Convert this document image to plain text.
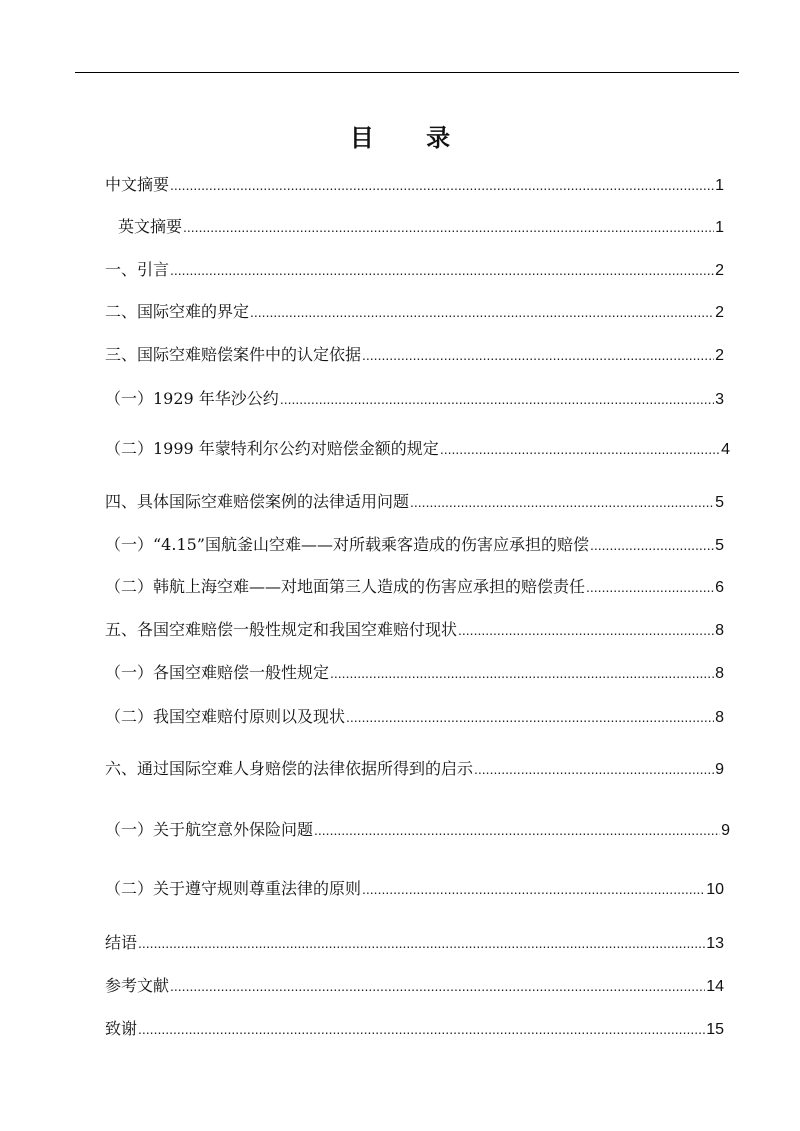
目 录
中文摘要 .....	1
英文摘要 .....	1
一、引言 .....	2
二、国际空难的界定 .....	2
三、国际空难赔偿案件中的认定依据 .....	2
（一）1929 年华沙公约 .....	3
（二）1999 年蒙特利尔公约对赔偿金额的规定 .....	4
四、具体国际空难赔偿案例的法律适用问题 .....	5
（一）“4.15”国航釜山空难——对所载乘客造成的伤害应承担的赔偿 .....	5
（二）韩航上海空难——对地面第三人造成的伤害应承担的赔偿责任 .....	6
五、各国空难赔偿一般性规定和我国空难赔付现状 .....	8
（一）各国空难赔偿一般性规定 .....	8
（二）我国空难赔付原则以及现状 .....	8
六、通过国际空难人身赔偿的法律依据所得到的启示 .....	9
（一）关于航空意外保险问题 .....	9
（二）关于遵守规则尊重法律的原则 .....	10
结语 .....	13
参考文献 .....	14
致谢 .....	15
